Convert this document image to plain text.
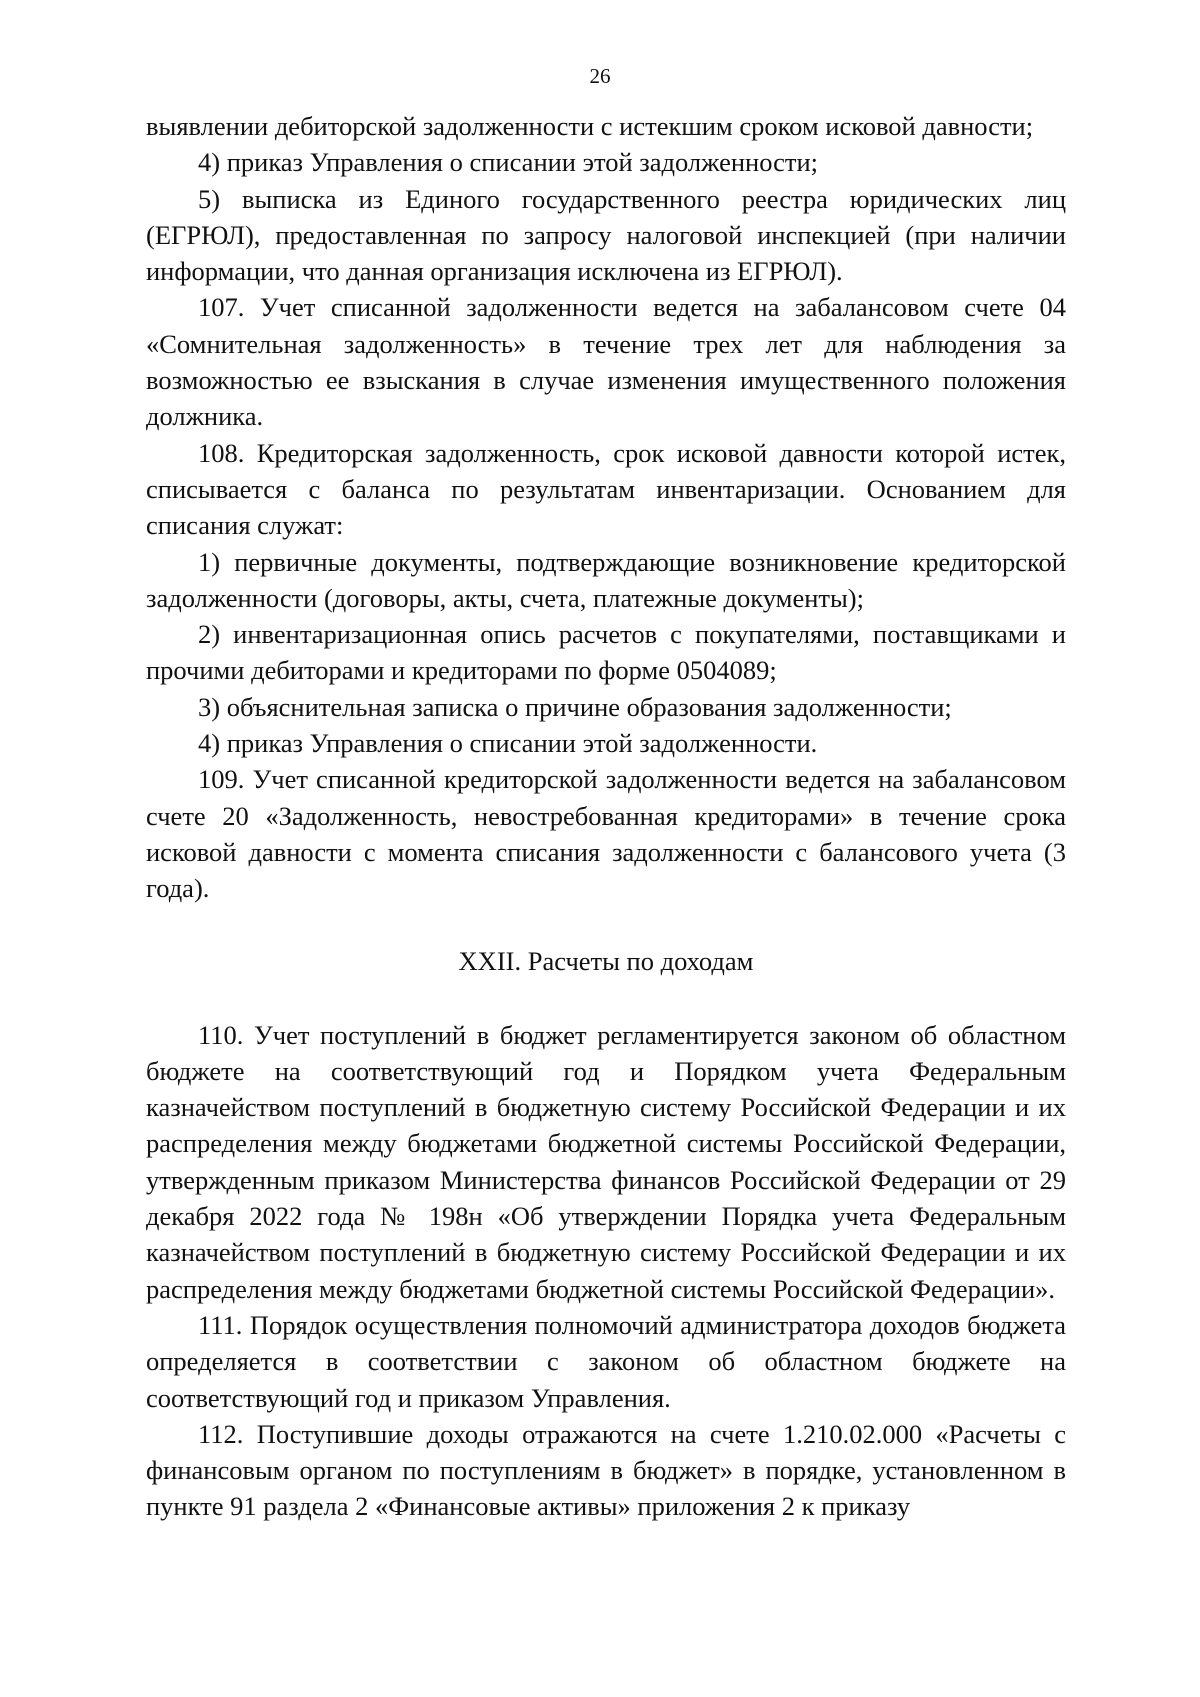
26

выявлении дебиторской задолженности с истекшим сроком исковой давности;

4) приказ Управления о списании этой задолженности;

5) выписка из Единого государственного реестра юридических лиц (ЕГРЮЛ), предоставленная по запросу налоговой инспекцией (при наличии информации, что данная организация исключена из ЕГРЮЛ).

107. Учет списанной задолженности ведется на забалансовом счете 04 «Сомнительная задолженность» в течение трех лет для наблюдения за возможностью ее взыскания в случае изменения имущественного положения должника.

108. Кредиторская задолженность, срок исковой давности которой истек, списывается с баланса по результатам инвентаризации. Основанием для списания служат:

1) первичные документы, подтверждающие возникновение кредиторской задолженности (договоры, акты, счета, платежные документы);

2) инвентаризационная опись расчетов с покупателями, поставщиками и прочими дебиторами и кредиторами по форме 0504089;

3) объяснительная записка о причине образования задолженности;

4) приказ Управления о списании этой задолженности.

109. Учет списанной кредиторской задолженности ведется на забалансовом счете 20 «Задолженность, невостребованная кредиторами» в течение срока исковой давности с момента списания задолженности с балансового учета (3 года).

XXII. Расчеты по доходам

110. Учет поступлений в бюджет регламентируется законом об областном бюджете на соответствующий год и Порядком учета Федеральным казначейством поступлений в бюджетную систему Российской Федерации и их распределения между бюджетами бюджетной системы Российской Федерации, утвержденным приказом Министерства финансов Российской Федерации от 29 декабря 2022 года № 198н «Об утверждении Порядка учета Федеральным казначейством поступлений в бюджетную систему Российской Федерации и их распределения между бюджетами бюджетной системы Российской Федерации».

111. Порядок осуществления полномочий администратора доходов бюджета определяется в соответствии с законом об областном бюджете на соответствующий год и приказом Управления.

112. Поступившие доходы отражаются на счете 1.210.02.000 «Расчеты с финансовым органом по поступлениям в бюджет» в порядке, установленном в пункте 91 раздела 2 «Финансовые активы» приложения 2 к приказу
